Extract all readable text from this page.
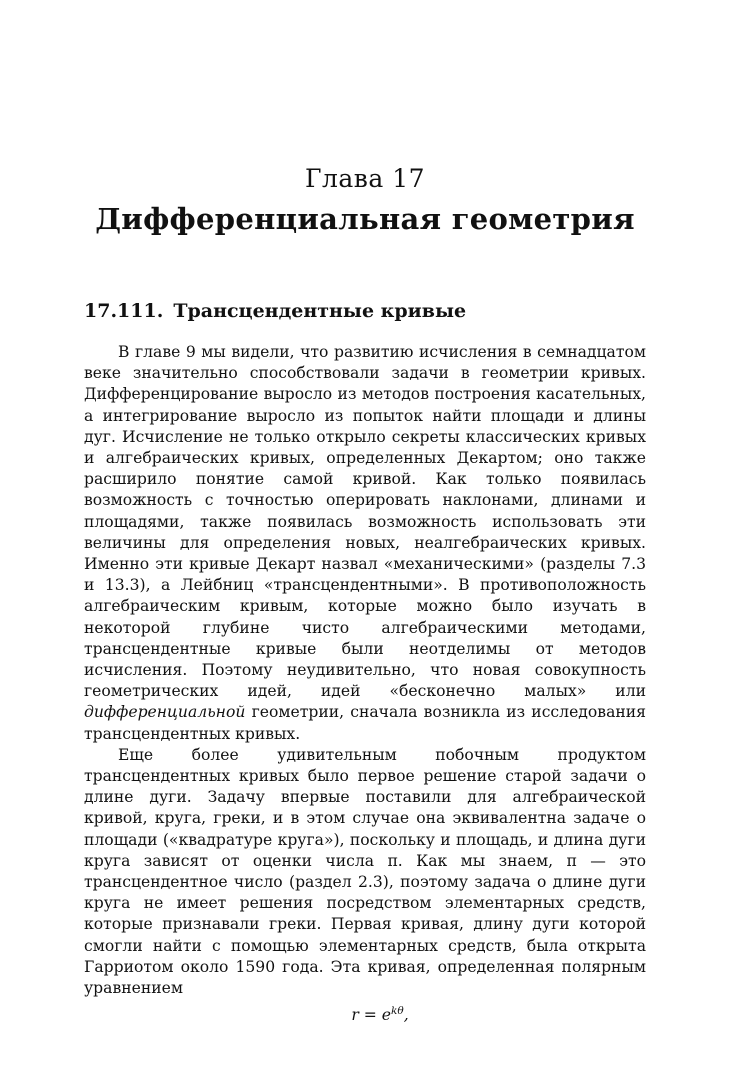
Глава 17
Дифференциальная геометрия
17.111. Трансцендентные кривые

В главе 9 мы видели, что развитию исчисления в семнадцатом веке значительно способствовали задачи в геометрии кривых. Дифференцирование выросло из методов построения касательных, а интегрирование выросло из попыток найти площади и длины дуг. Исчисление не только открыло секреты классических кривых и алгебраических кривых, определенных Декартом; оно также расширило понятие самой кривой. Как только появилась возможность с точностью оперировать наклонами, длинами и площадями, также появилась возможность использовать эти величины для определения новых, неалгебраических кривых. Именно эти кривые Декарт назвал «механическими» (разделы 7.3 и 13.3), а Лейбниц «трансцендентными». В противоположность алгебраическим кривым, которые можно было изучать в некоторой глубине чисто алгебраическими методами, трансцендентные кривые были неотделимы от методов исчисления. Поэтому неудивительно, что новая совокупность геометрических идей, идей «бесконечно малых» или дифференциальной геометрии, сначала возникла из исследования трансцендентных кривых.

Еще более удивительным побочным продуктом трансцендентных кривых было первое решение старой задачи о длине дуги. Задачу впервые поставили для алгебраической кривой, круга, греки, и в этом случае она эквивалентна задаче о площади («квадратуре круга»), поскольку и площадь, и длина дуги круга зависят от оценки числа π. Как мы знаем, π — это трансцендентное число (раздел 2.3), поэтому задача о длине дуги круга не имеет решения посредством элементарных средств, которые признавали греки. Первая кривая, длину дуги которой смогли найти с помощью элементарных средств, была открыта Гарриотом около 1590 года. Эта кривая, определенная полярным уравнением

$r = e^{k\theta}$,
